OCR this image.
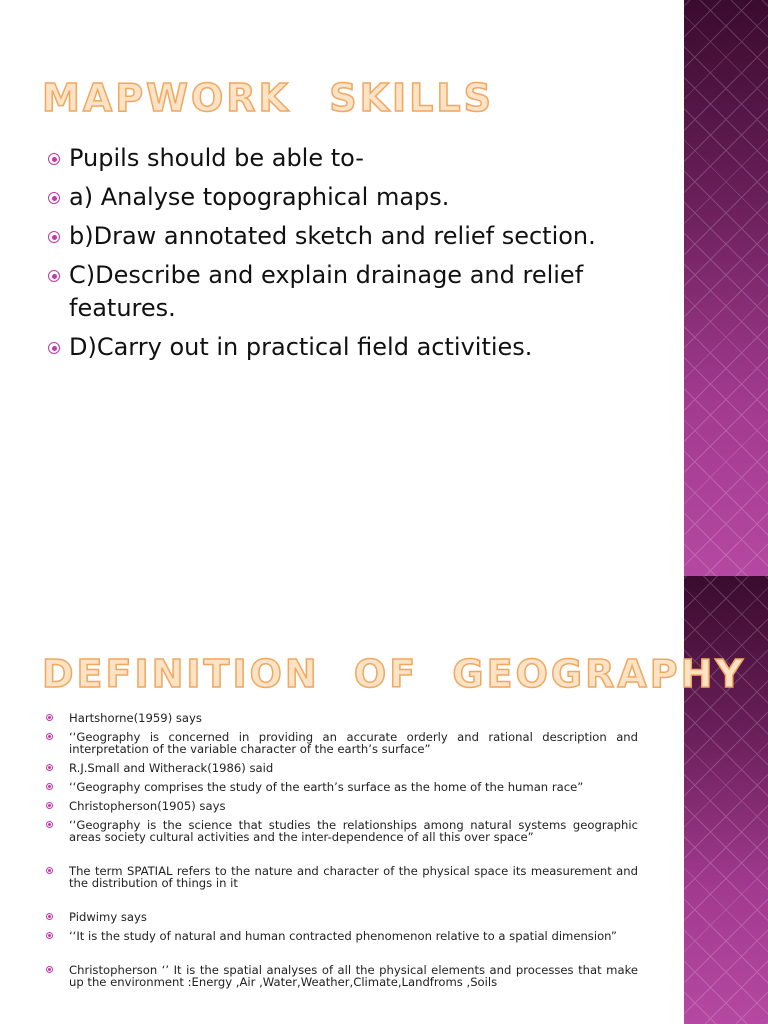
MAPWORK SKILLS
Pupils should be able to-
a) Analyse topographical maps.
b)Draw annotated sketch and relief section.
C)Describe and explain drainage and relief features.
D)Carry out in practical field activities.
DEFINITION OF GEOGRAPHY
Hartshorne(1959) says
‘‘Geography is concerned in providing an accurate orderly and rational description and interpretation of the variable character of the earth’s surface”
R.J.Small and Witherack(1986) said
‘‘Geography comprises the study of the earth’s surface as the home of the human race”
Christopherson(1905) says
‘‘Geography is the science that studies the relationships among natural systems geographic areas society cultural activities and the inter-dependence of all this over space”
The term SPATIAL refers to the nature and character of the physical space its measurement and the distribution of things in it
Pidwimy says
‘‘It is the study of natural and human contracted phenomenon relative to a spatial dimension”
Christopherson ‘’ It is the spatial analyses of all the physical elements and processes that make up the environment :Energy ,Air ,Water,Weather,Climate,Landfroms ,Soils
